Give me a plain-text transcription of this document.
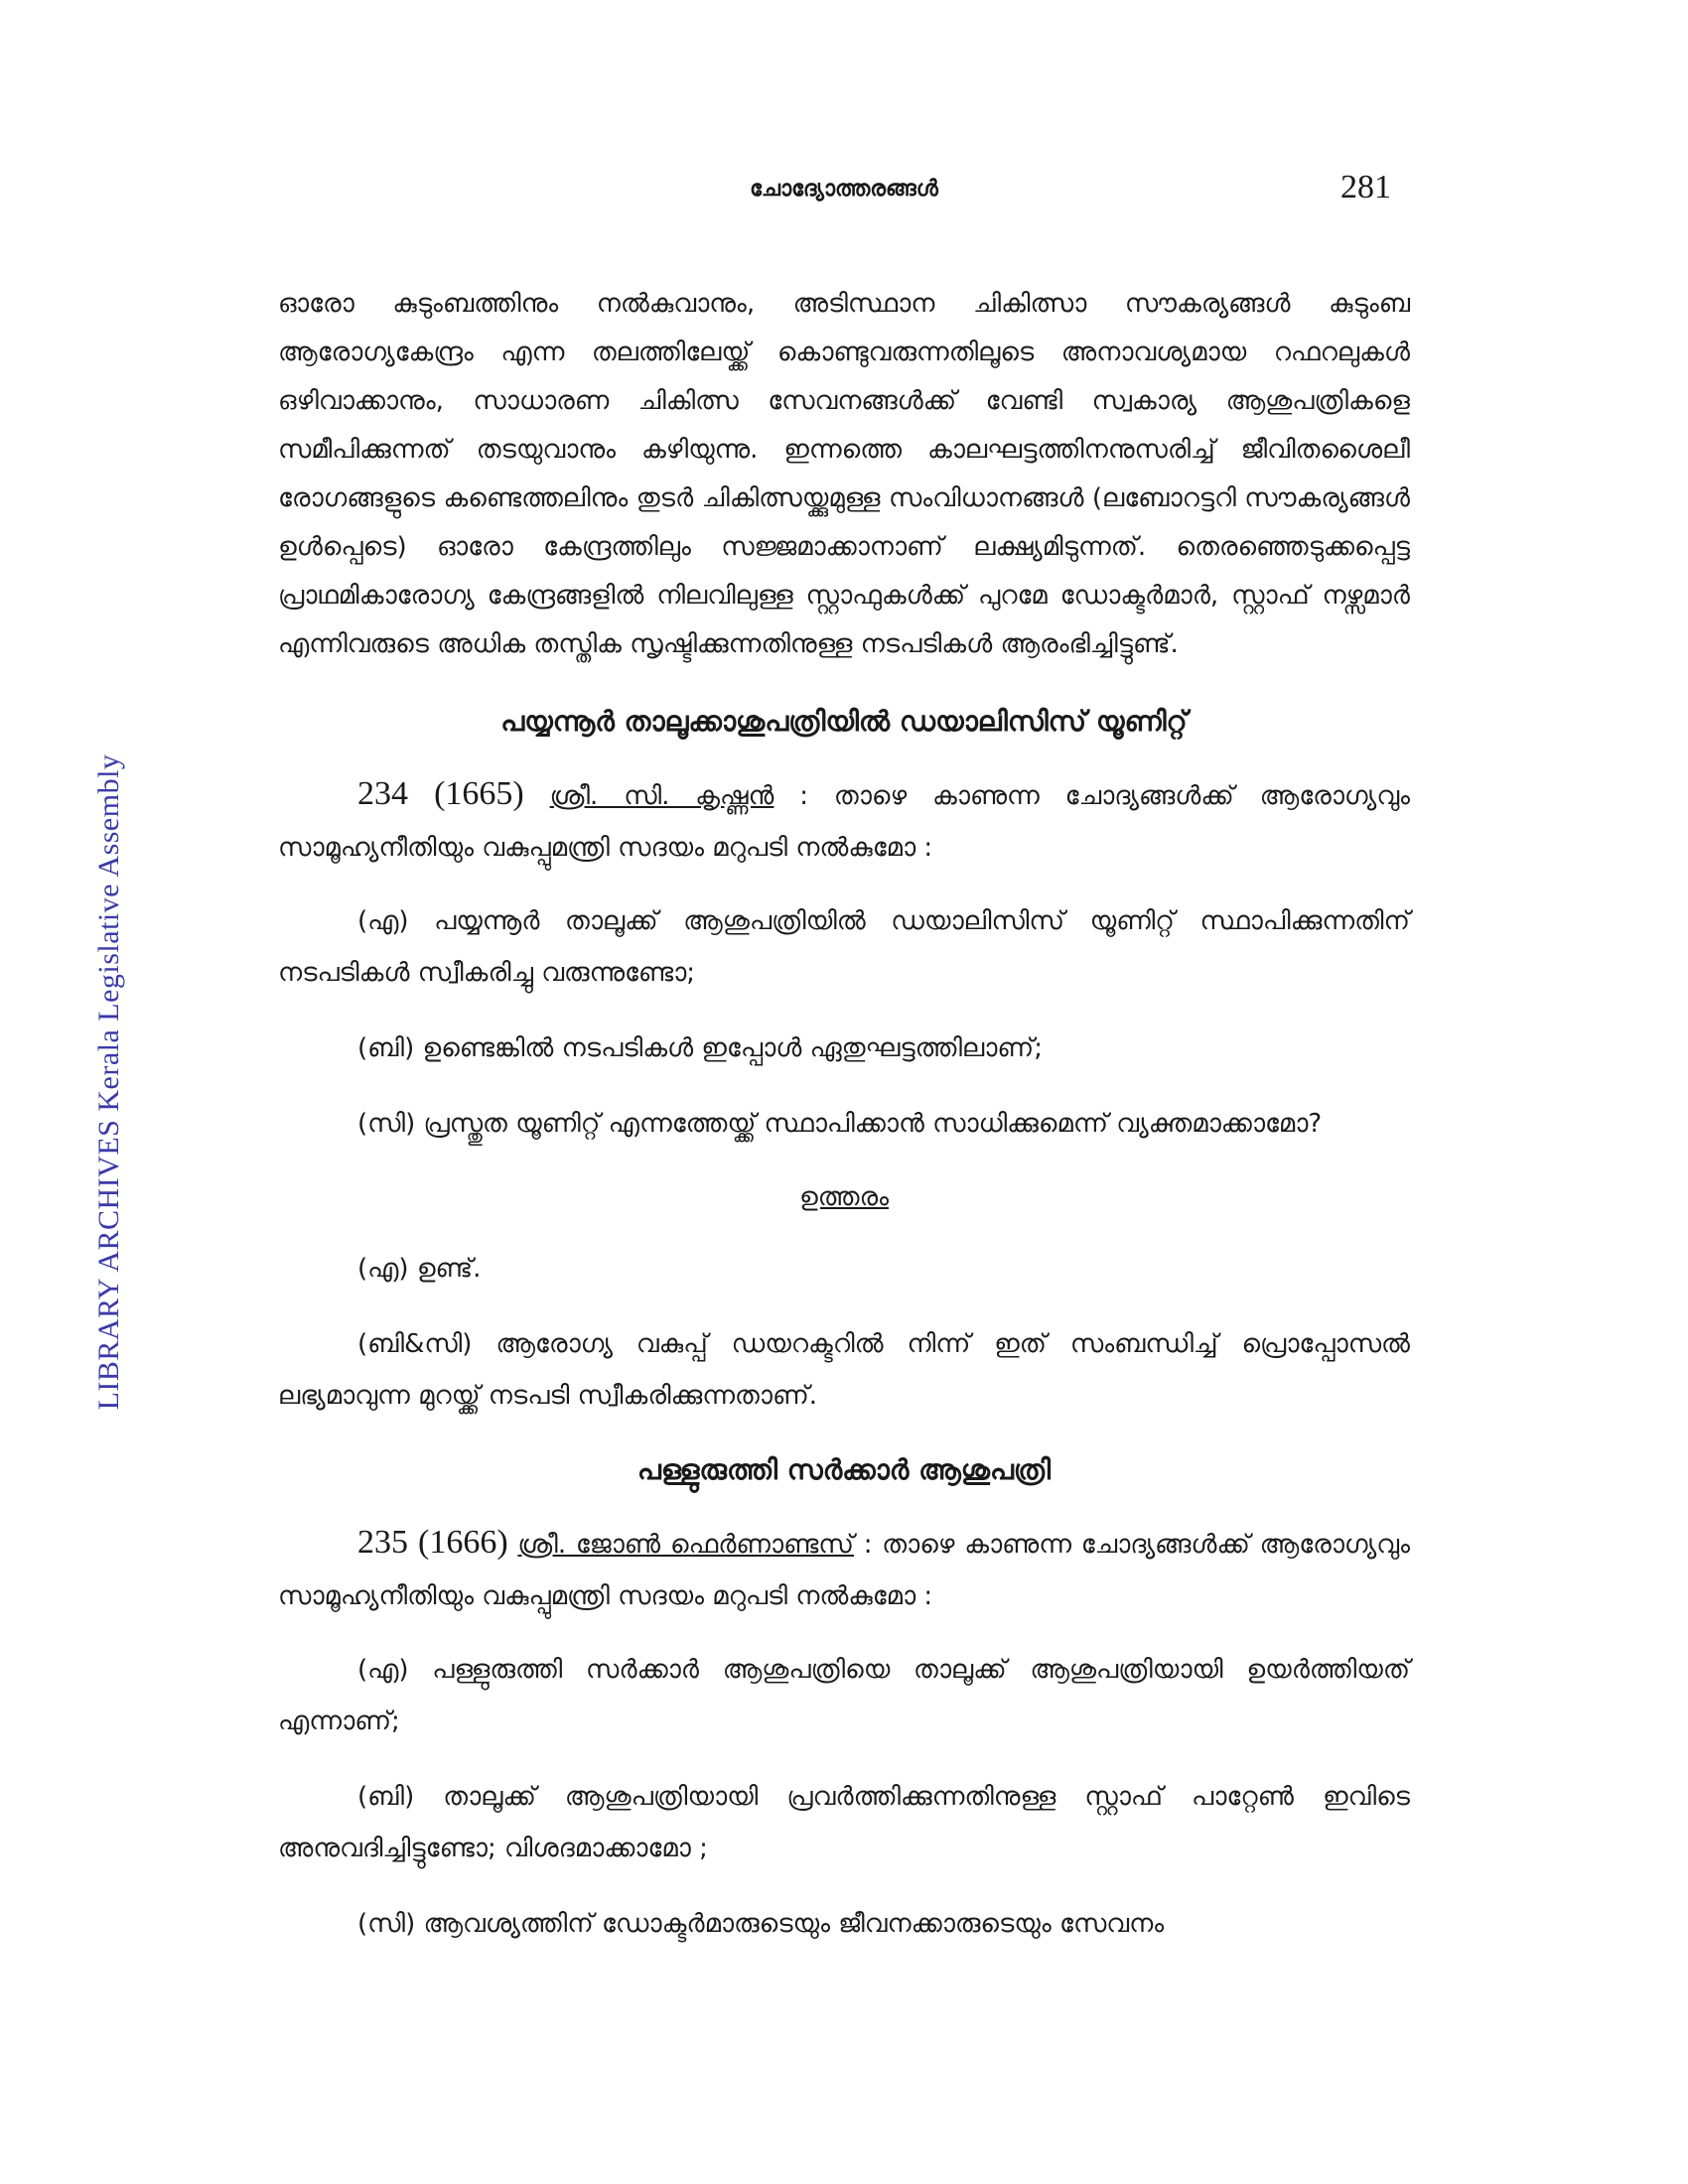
ചോദ്യോത്തരങ്ങൾ	281
LIBRARY ARCHIVES Kerala Legislative Assembly

ഓരോ കുടുംബത്തിനും നൽകുവാനും, അടിസ്ഥാന ചികിത്സാ സൗകര്യങ്ങൾ കുടുംബ ആരോഗ്യകേന്ദ്രം എന്ന തലത്തിലേയ്ക്ക് കൊണ്ടുവരുന്നതിലൂടെ അനാവശ്യമായ റഫറലുകൾ ഒഴിവാക്കാനും, സാധാരണ ചികിത്സ സേവനങ്ങൾക്ക് വേണ്ടി സ്വകാര്യ ആശുപത്രികളെ സമീപിക്കുന്നത് തടയുവാനും കഴിയുന്നു. ഇന്നത്തെ കാലഘട്ടത്തിനനുസരിച്ച് ജീവിതശൈലീ രോഗങ്ങളുടെ കണ്ടെത്തലിനും തുടർ ചികിത്സയ്ക്കുമുള്ള സംവിധാനങ്ങൾ (ലബോറട്ടറി സൗകര്യങ്ങൾ ഉൾപ്പെടെ) ഓരോ കേന്ദ്രത്തിലും സജ്ജമാക്കാനാണ് ലക്ഷ്യമിടുന്നത്. തെരഞ്ഞെടുക്കപ്പെട്ട പ്രാഥമികാരോഗ്യ കേന്ദ്രങ്ങളിൽ നിലവിലുള്ള സ്റ്റാഫുകൾക്ക് പുറമേ ഡോക്ടർമാർ, സ്റ്റാഫ് നഴ്സമാർ എന്നിവരുടെ അധിക തസ്തിക സൃഷ്ടിക്കുന്നതിനുള്ള നടപടികൾ ആരംഭിച്ചിട്ടുണ്ട്.

പയ്യന്നൂർ താലൂക്കാശുപത്രിയിൽ ഡയാലിസിസ് യൂണിറ്റ്

234 (1665) ശ്രീ. സി. കൃഷ്ണൻ : താഴെ കാണുന്ന ചോദ്യങ്ങൾക്ക് ആരോഗ്യവും സാമൂഹ്യനീതിയും വകുപ്പുമന്ത്രി സദയം മറുപടി നൽകുമോ :

(എ) പയ്യന്നൂർ താലൂക്ക് ആശുപത്രിയിൽ ഡയാലിസിസ് യൂണിറ്റ് സ്ഥാപിക്കുന്നതിന് നടപടികൾ സ്വീകരിച്ചു വരുന്നുണ്ടോ;

(ബി) ഉണ്ടെങ്കിൽ നടപടികൾ ഇപ്പോൾ ഏതുഘട്ടത്തിലാണ്;

(സി) പ്രസ്തുത യൂണിറ്റ് എന്നത്തേയ്ക്ക് സ്ഥാപിക്കാൻ സാധിക്കുമെന്ന് വ്യക്തമാക്കാമോ?

ഉത്തരം

(എ) ഉണ്ട്.

(ബി&സി) ആരോഗ്യ വകുപ്പ് ഡയറക്ടറിൽ നിന്ന് ഇത് സംബന്ധിച്ച് പ്രൊപ്പോസൽ ലഭ്യമാവുന്ന മുറയ്ക്ക് നടപടി സ്വീകരിക്കുന്നതാണ്.

പള്ളുരുത്തി സർക്കാർ ആശുപത്രി

235 (1666) ശ്രീ. ജോൺ ഫെർണാണ്ടസ് : താഴെ കാണുന്ന ചോദ്യങ്ങൾക്ക് ആരോഗ്യവും സാമൂഹ്യനീതിയും വകുപ്പുമന്ത്രി സദയം മറുപടി നൽകുമോ :

(എ) പള്ളുരുത്തി സർക്കാർ ആശുപത്രിയെ താലൂക്ക് ആശുപത്രിയായി ഉയർത്തിയത് എന്നാണ്;

(ബി) താലൂക്ക് ആശുപത്രിയായി പ്രവർത്തിക്കുന്നതിനുള്ള സ്റ്റാഫ് പാറ്റേൺ ഇവിടെ അനുവദിച്ചിട്ടുണ്ടോ; വിശദമാക്കാമോ ;

(സി) ആവശ്യത്തിന് ഡോക്ടർമാരുടെയും ജീവനക്കാരുടെയും സേവനം
